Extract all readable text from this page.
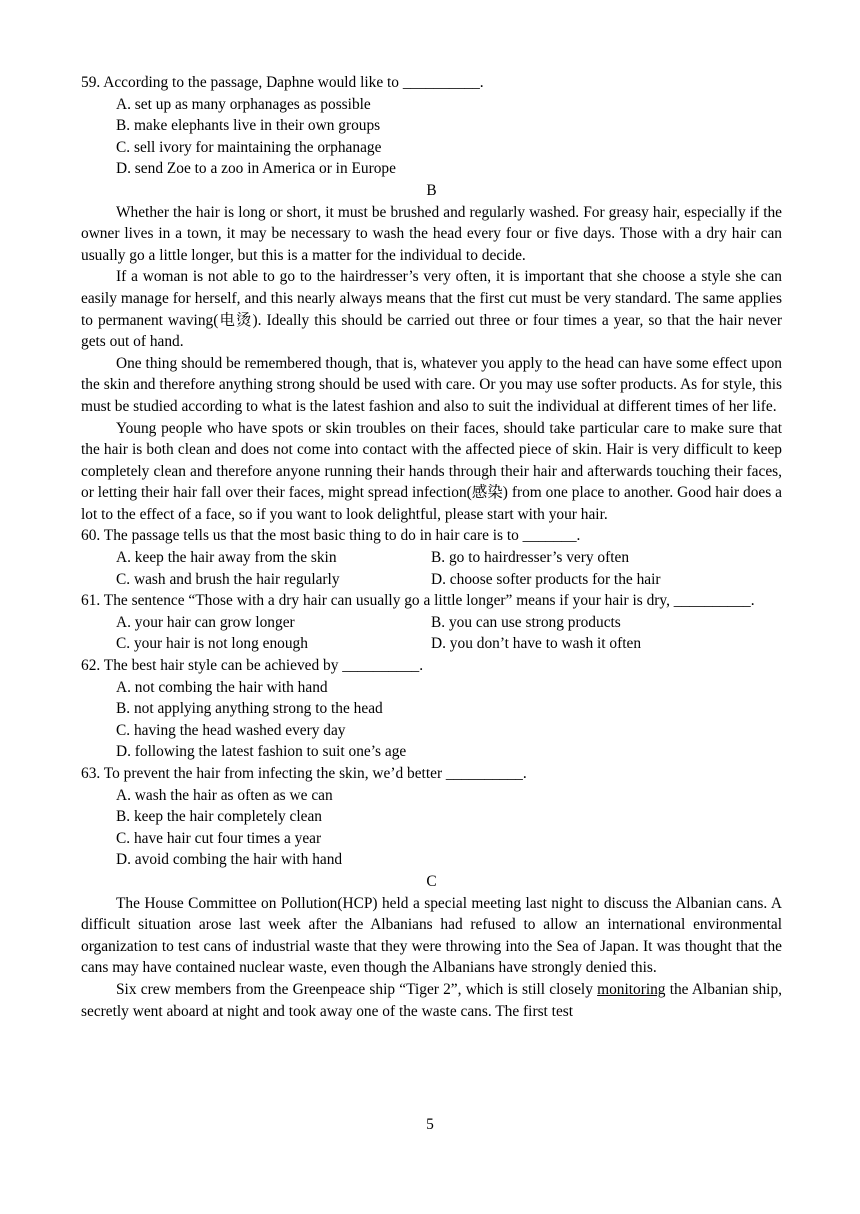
59. According to the passage, Daphne would like to __________.
A. set up as many orphanages as possible
B. make elephants live in their own groups
C. sell ivory for maintaining the orphanage
D. send Zoe to a zoo in America or in Europe
B

Whether the hair is long or short, it must be brushed and regularly washed. For greasy hair, especially if the owner lives in a town, it may be necessary to wash the head every four or five days. Those with a dry hair can usually go a little longer, but this is a matter for the individual to decide.

If a woman is not able to go to the hairdresser’s very often, it is important that she choose a style she can easily manage for herself, and this nearly always means that the first cut must be very standard. The same applies to permanent waving(电烫). Ideally this should be carried out three or four times a year, so that the hair never gets out of hand.

One thing should be remembered though, that is, whatever you apply to the head can have some effect upon the skin and therefore anything strong should be used with care. Or you may use softer products. As for style, this must be studied according to what is the latest fashion and also to suit the individual at different times of her life.

Young people who have spots or skin troubles on their faces, should take particular care to make sure that the hair is both clean and does not come into contact with the affected piece of skin. Hair is very difficult to keep completely clean and therefore anyone running their hands through their hair and afterwards touching their faces, or letting their hair fall over their faces, might spread infection(感染) from one place to another. Good hair does a lot to the effect of a face, so if you want to look delightful, please start with your hair.

60. The passage tells us that the most basic thing to do in hair care is to _______.
A. keep the hair away from the skin	B. go to hairdresser’s very often
C. wash and brush the hair regularly	D. choose softer products for the hair

61. The sentence “Those with a dry hair can usually go a little longer” means if your hair is dry, __________.

A. your hair can grow longer	B. you can use strong products
C. your hair is not long enough	D. you don’t have to wash it often
62. The best hair style can be achieved by __________.
A. not combing the hair with hand
B. not applying anything strong to the head
C. having the head washed every day
D. following the latest fashion to suit one’s age
63. To prevent the hair from infecting the skin, we’d better __________.
A. wash the hair as often as we can
B. keep the hair completely clean
C. have hair cut four times a year
D. avoid combing the hair with hand
C

The House Committee on Pollution(HCP) held a special meeting last night to discuss the Albanian cans. A difficult situation arose last week after the Albanians had refused to allow an international environmental organization to test cans of industrial waste that they were throwing into the Sea of Japan. It was thought that the cans may have contained nuclear waste, even though the Albanians have strongly denied this.

Six crew members from the Greenpeace ship “Tiger 2”, which is still closely monitoring the Albanian ship, secretly went aboard at night and took away one of the waste cans. The first test

5
